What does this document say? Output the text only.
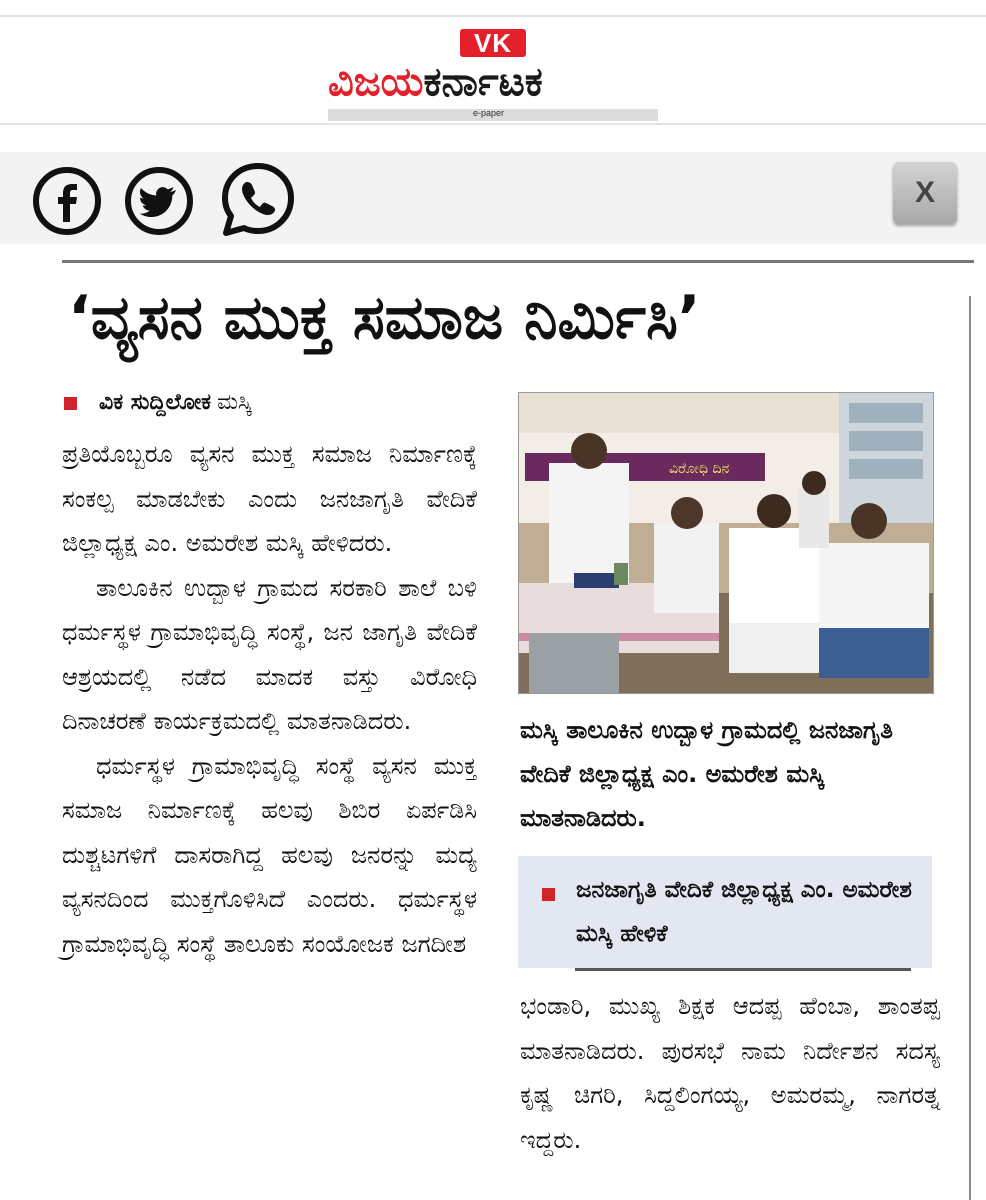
VK
ವಿಜಯಕರ್ನಾಟಕ
e-paper
X
‘ವ್ಯಸನ ಮುಕ್ತ ಸಮಾಜ ನಿರ್ಮಿಸಿ’
ವಿಕ ಸುದ್ದಿಲೋಕ ಮಸ್ಕಿ

ಪ್ರತಿಯೊಬ್ಬರೂ ವ್ಯಸನ ಮುಕ್ತ ಸಮಾಜ ನಿರ್ಮಾಣಕ್ಕೆ ಸಂಕಲ್ಪ ಮಾಡಬೇಕು ಎಂದು ಜನಜಾಗೃತಿ ವೇದಿಕೆ ಜಿಲ್ಲಾಧ್ಯಕ್ಷ ಎಂ. ಅಮರೇಶ ಮಸ್ಕಿ ಹೇಳಿದರು.

ತಾಲೂಕಿನ ಉದ್ಬಾಳ ಗ್ರಾಮದ ಸರಕಾರಿ ಶಾಲೆ ಬಳಿ ಧರ್ಮಸ್ಥಳ ಗ್ರಾಮಾಭಿವೃದ್ಧಿ ಸಂಸ್ಥೆ, ಜನ ಜಾಗೃತಿ ವೇದಿಕೆ ಆಶ್ರಯದಲ್ಲಿ ನಡೆದ ಮಾದಕ ವಸ್ತು ವಿರೋಧಿ ದಿನಾಚರಣೆ ಕಾರ್ಯಕ್ರಮದಲ್ಲಿ ಮಾತನಾಡಿದರು.

ಧರ್ಮಸ್ಥಳ ಗ್ರಾಮಾಭಿವೃದ್ಧಿ ಸಂಸ್ಥೆ ವ್ಯಸನ ಮುಕ್ತ ಸಮಾಜ ನಿರ್ಮಾಣಕ್ಕೆ ಹಲವು ಶಿಬಿರ ಏರ್ಪಡಿಸಿ ದುಶ್ಚಟಗಳಿಗೆ ದಾಸರಾಗಿದ್ದ ಹಲವು ಜನರನ್ನು ಮದ್ಯ ವ್ಯಸನದಿಂದ ಮುಕ್ತಗೊಳಿಸಿದೆ ಎಂದರು. ಧರ್ಮಸ್ಥಳ ಗ್ರಾಮಾಭಿವೃದ್ಧಿ ಸಂಸ್ಥೆ ತಾಲೂಕು ಸಂಯೋಜಕ ಜಗದೀಶ

ವಿರೋಧಿ ದಿನ
ಮಸ್ಕಿ ತಾಲೂಕಿನ ಉದ್ಬಾಳ ಗ್ರಾಮದಲ್ಲಿ ಜನಜಾಗೃತಿ ವೇದಿಕೆ ಜಿಲ್ಲಾಧ್ಯಕ್ಷ ಎಂ. ಅಮರೇಶ ಮಸ್ಕಿ ಮಾತನಾಡಿದರು.
ಜನಜಾಗೃತಿ ವೇದಿಕೆ ಜಿಲ್ಲಾಧ್ಯಕ್ಷ ಎಂ. ಅಮರೇಶ ಮಸ್ಕಿ ಹೇಳಿಕೆ

ಭಂಡಾರಿ, ಮುಖ್ಯ ಶಿಕ್ಷಕ ಆದಪ್ಪ ಹೆಂಬಾ, ಶಾಂತಪ್ಪ ಮಾತನಾಡಿದರು. ಪುರಸಭೆ ನಾಮ ನಿರ್ದೇಶನ ಸದಸ್ಯ ಕೃಷ್ಣ ಚಿಗರಿ, ಸಿದ್ದಲಿಂಗಯ್ಯ, ಅಮರಮ್ಮ, ನಾಗರತ್ನ ಇದ್ದರು.
